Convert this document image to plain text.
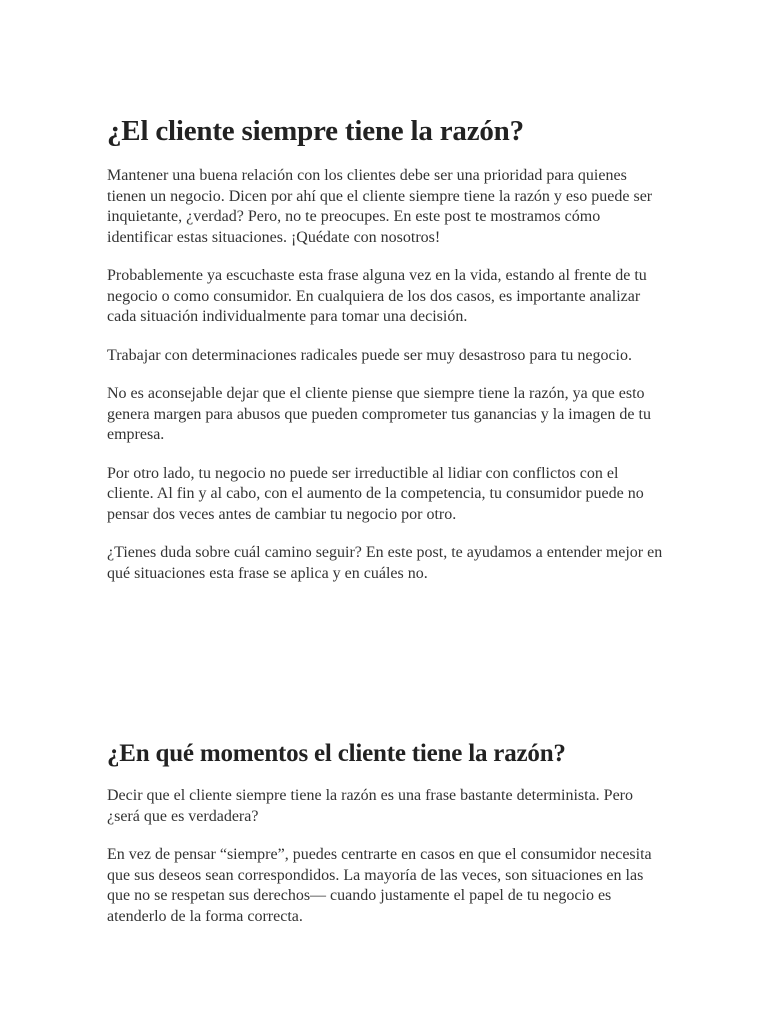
¿El cliente siempre tiene la razón?

Mantener una buena relación con los clientes debe ser una prioridad para quienes tienen un negocio. Dicen por ahí que el cliente siempre tiene la razón y eso puede ser inquietante, ¿verdad? Pero, no te preocupes. En este post te mostramos cómo identificar estas situaciones. ¡Quédate con nosotros!

Probablemente ya escuchaste esta frase alguna vez en la vida, estando al frente de tu negocio o como consumidor. En cualquiera de los dos casos, es importante analizar cada situación individualmente para tomar una decisión.

Trabajar con determinaciones radicales puede ser muy desastroso para tu negocio.

No es aconsejable dejar que el cliente piense que siempre tiene la razón, ya que esto genera margen para abusos que pueden comprometer tus ganancias y la imagen de tu empresa.

Por otro lado, tu negocio no puede ser irreductible al lidiar con conflictos con el cliente. Al fin y al cabo, con el aumento de la competencia, tu consumidor puede no pensar dos veces antes de cambiar tu negocio por otro.

¿Tienes duda sobre cuál camino seguir? En este post, te ayudamos a entender mejor en qué situaciones esta frase se aplica y en cuáles no.

¿En qué momentos el cliente tiene la razón?

Decir que el cliente siempre tiene la razón es una frase bastante determinista. Pero ¿será que es verdadera?

En vez de pensar “siempre”, puedes centrarte en casos en que el consumidor necesita que sus deseos sean correspondidos. La mayoría de las veces, son situaciones en las que no se respetan sus derechos— cuando justamente el papel de tu negocio es atenderlo de la forma correcta.
